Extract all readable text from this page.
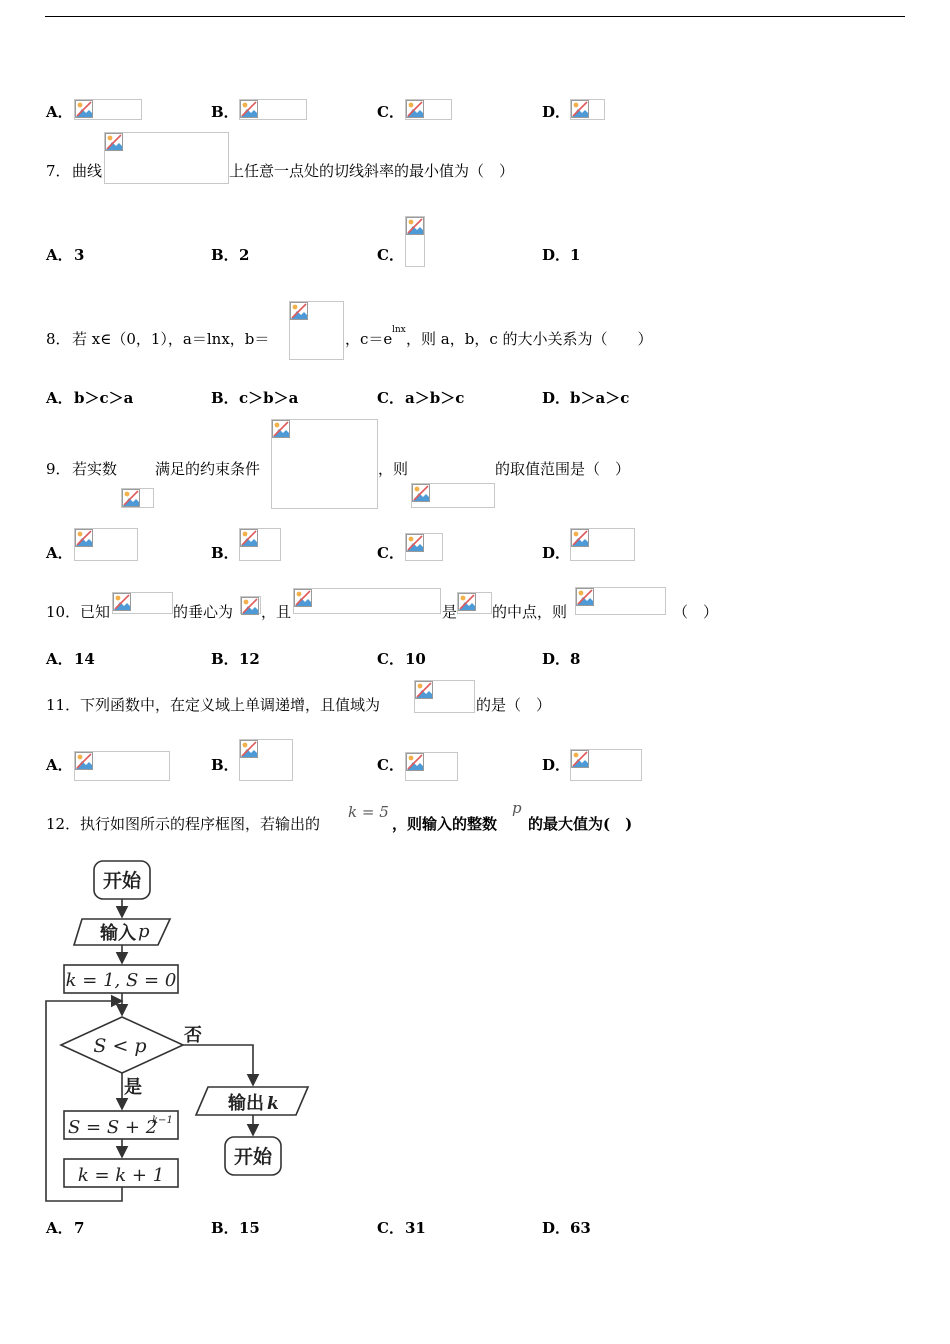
A．	B．	C．	D．
7． 曲线	上任意一点处的切线斜率的最小值为（　）
A． 3	B． 2	C．	D． 1
8． 若 x∈（0，1），a＝lnx，b＝	，c＝e lnx ，则 a，b，c 的大小关系为（　　）
A． b＞c＞a	B． c＞b＞a	C． a＞b＞c	D． b＞a＞c
9． 若实数	满足的约束条件	，则	的取值范围是（　）
A．	B．	C．	D．
10． 已知	的垂心为 ，且	是 的中点，则	（　）
A． 14	B． 12	C． 10	D． 8
11． 下列函数中，在定义域上单调递增，且值域为	的是（　）
A．	B．	C．	D．
12． 执行如图所示的程序框图，若输出的
k = 5
，则输入的整数
p
的最大值为(　)
开始
输入 p
k = 1, S = 0
S < p 否
是
S = S + 2
k−1
k = k + 1
输出 k
开始
A． 7	B． 15	C． 31	D． 63
